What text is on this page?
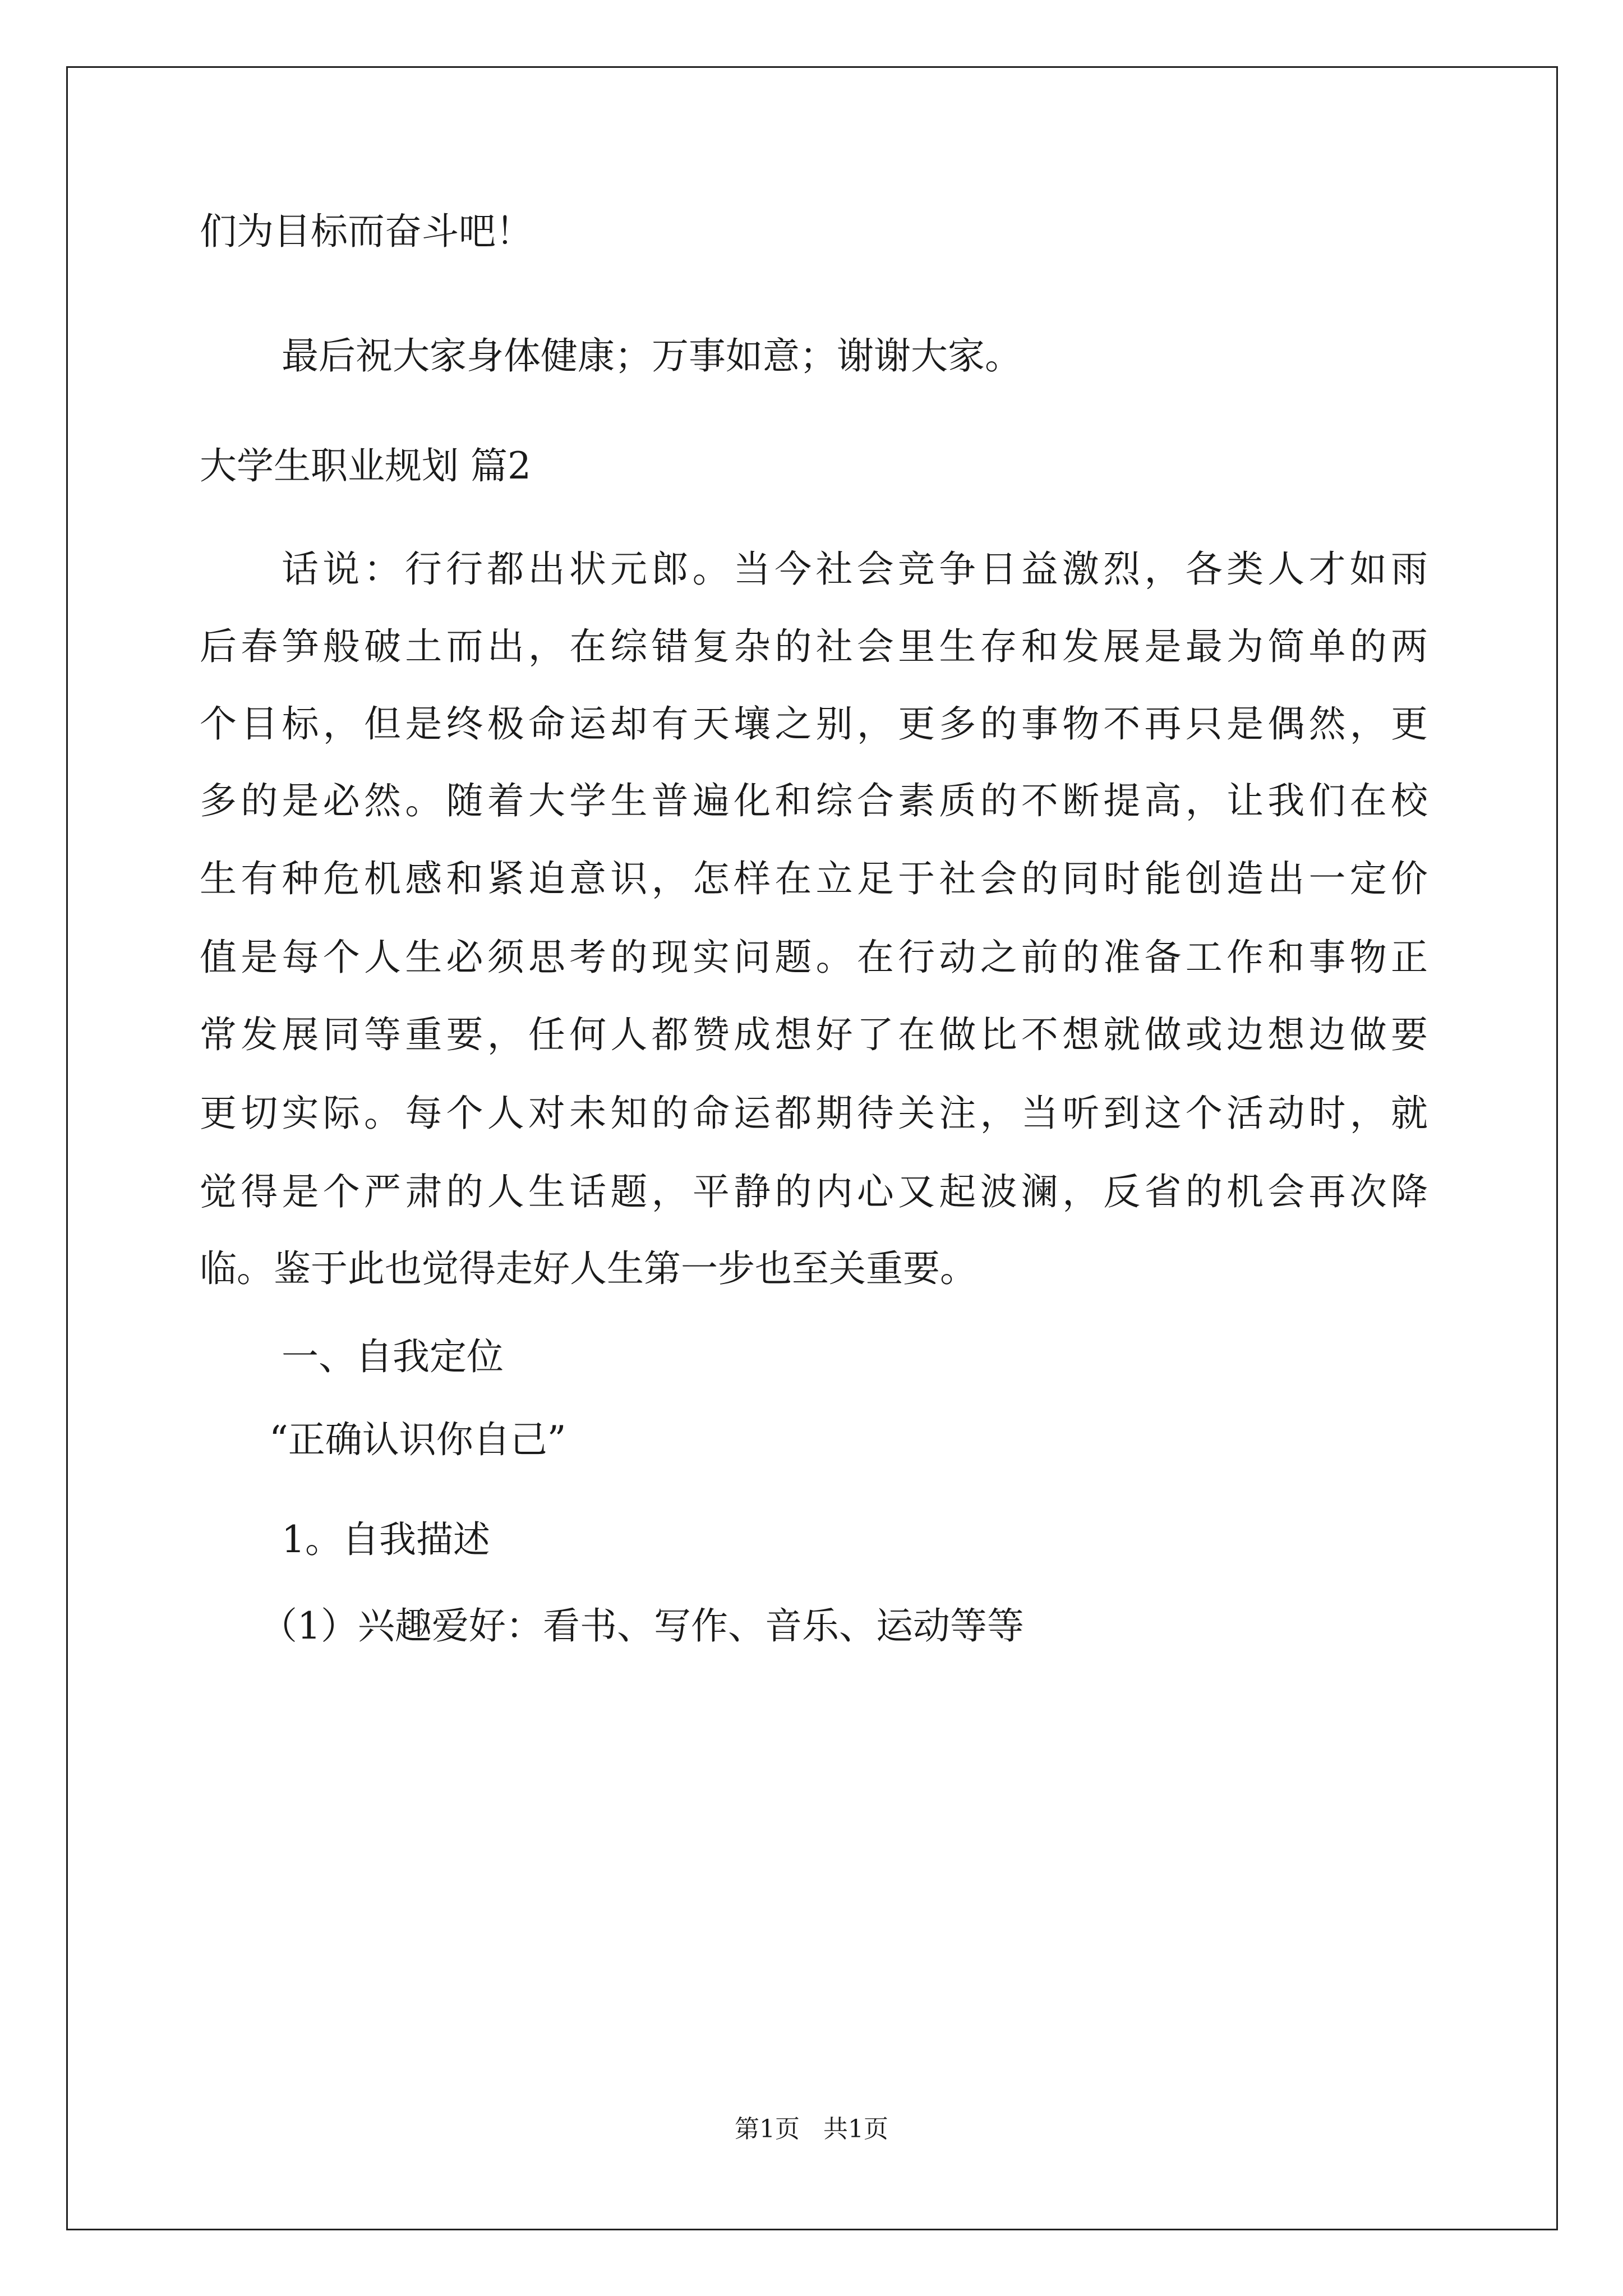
们为目标而奋斗吧！
最后祝大家身体健康；万事如意；谢谢大家。
大学生职业规划 篇2
话说：行行都出状元郎。当今社会竞争日益激烈，各类人才如雨
后春笋般破土而出，在综错复杂的社会里生存和发展是最为简单的两
个目标，但是终极命运却有天壤之别，更多的事物不再只是偶然，更
多的是必然。随着大学生普遍化和综合素质的不断提高，让我们在校
生有种危机感和紧迫意识，怎样在立足于社会的同时能创造出一定价
值是每个人生必须思考的现实问题。在行动之前的准备工作和事物正
常发展同等重要，任何人都赞成想好了在做比不想就做或边想边做要
更切实际。每个人对未知的命运都期待关注，当听到这个活动时，就
觉得是个严肃的人生话题，平静的内心又起波澜，反省的机会再次降
临。鉴于此也觉得走好人生第一步也至关重要。
一、自我定位
“正确认识你自己”
1。自我描述
（1）兴趣爱好：看书、写作、音乐、运动等等
第1页 共1页
